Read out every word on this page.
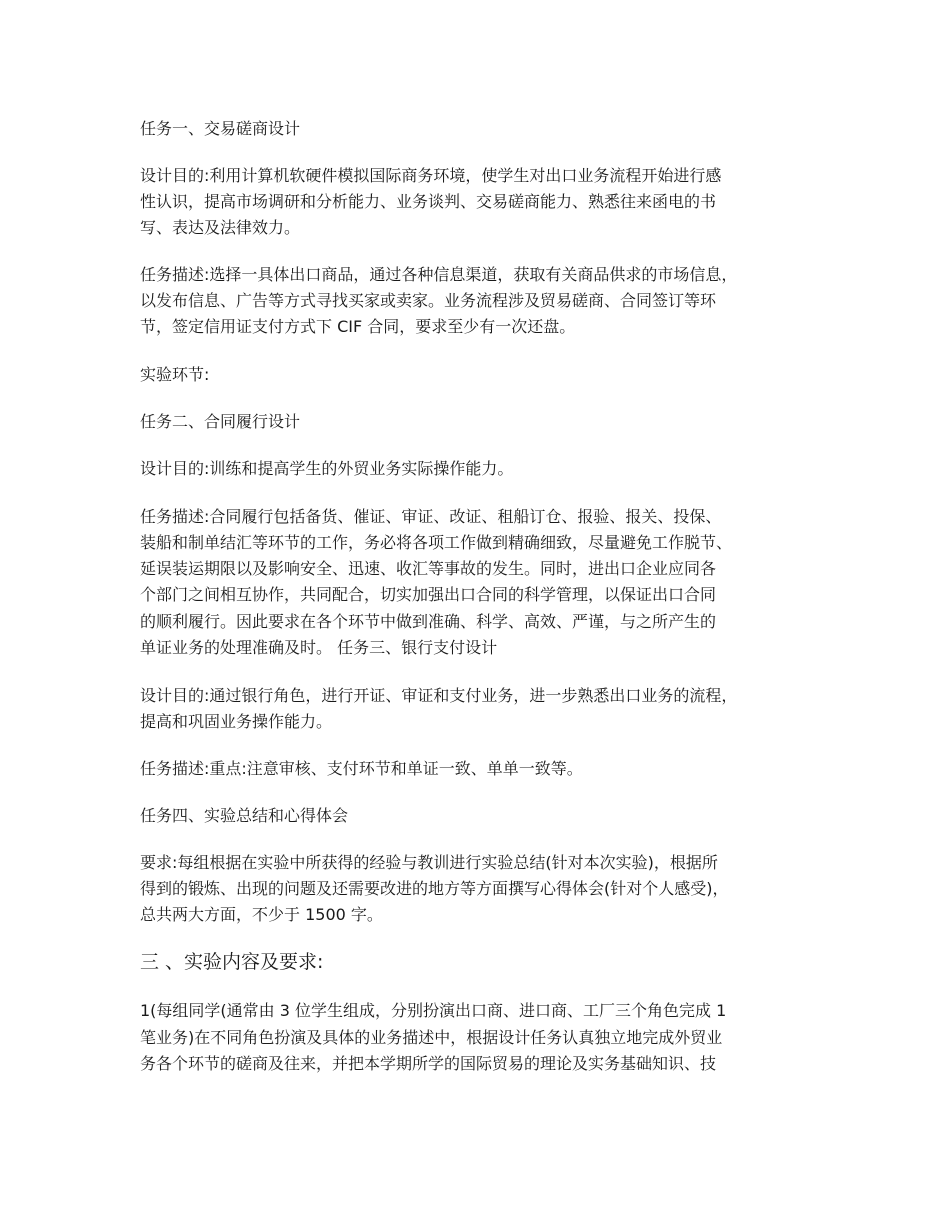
任务一、交易磋商设计

设计目的:利用计算机软硬件模拟国际商务环境，使学生对出口业务流程开始进行感

性认识，提高市场调研和分析能力、业务谈判、交易磋商能力、熟悉往来函电的书

写、表达及法律效力。

任务描述:选择一具体出口商品，通过各种信息渠道，获取有关商品供求的市场信息，

以发布信息、广告等方式寻找买家或卖家。业务流程涉及贸易磋商、合同签订等环

节，签定信用证支付方式下 CIF 合同，要求至少有一次还盘。

实验环节:

任务二、合同履行设计

设计目的:训练和提高学生的外贸业务实际操作能力。

任务描述:合同履行包括备货、催证、审证、改证、租船订仓、报验、报关、投保、

装船和制单结汇等环节的工作，务必将各项工作做到精确细致，尽量避免工作脱节、

延误装运期限以及影响安全、迅速、收汇等事故的发生。同时，进出口企业应同各

个部门之间相互协作，共同配合，切实加强出口合同的科学管理，以保证出口合同

的顺利履行。因此要求在各个环节中做到准确、科学、高效、严谨，与之所产生的

单证业务的处理准确及时。 任务三、银行支付设计

设计目的:通过银行角色，进行开证、审证和支付业务，进一步熟悉出口业务的流程，

提高和巩固业务操作能力。

任务描述:重点:注意审核、支付环节和单证一致、单单一致等。

任务四、实验总结和心得体会

要求:每组根据在实验中所获得的经验与教训进行实验总结(针对本次实验)，根据所

得到的锻炼、出现的问题及还需要改进的地方等方面撰写心得体会(针对个人感受)，

总共两大方面，不少于 1500 字。

三 、实验内容及要求:

1(每组同学(通常由 3 位学生组成，分别扮演出口商、进口商、工厂三个角色完成 1

笔业务)在不同角色扮演及具体的业务描述中，根据设计任务认真独立地完成外贸业

务各个环节的磋商及往来，并把本学期所学的国际贸易的理论及实务基础知识、技
